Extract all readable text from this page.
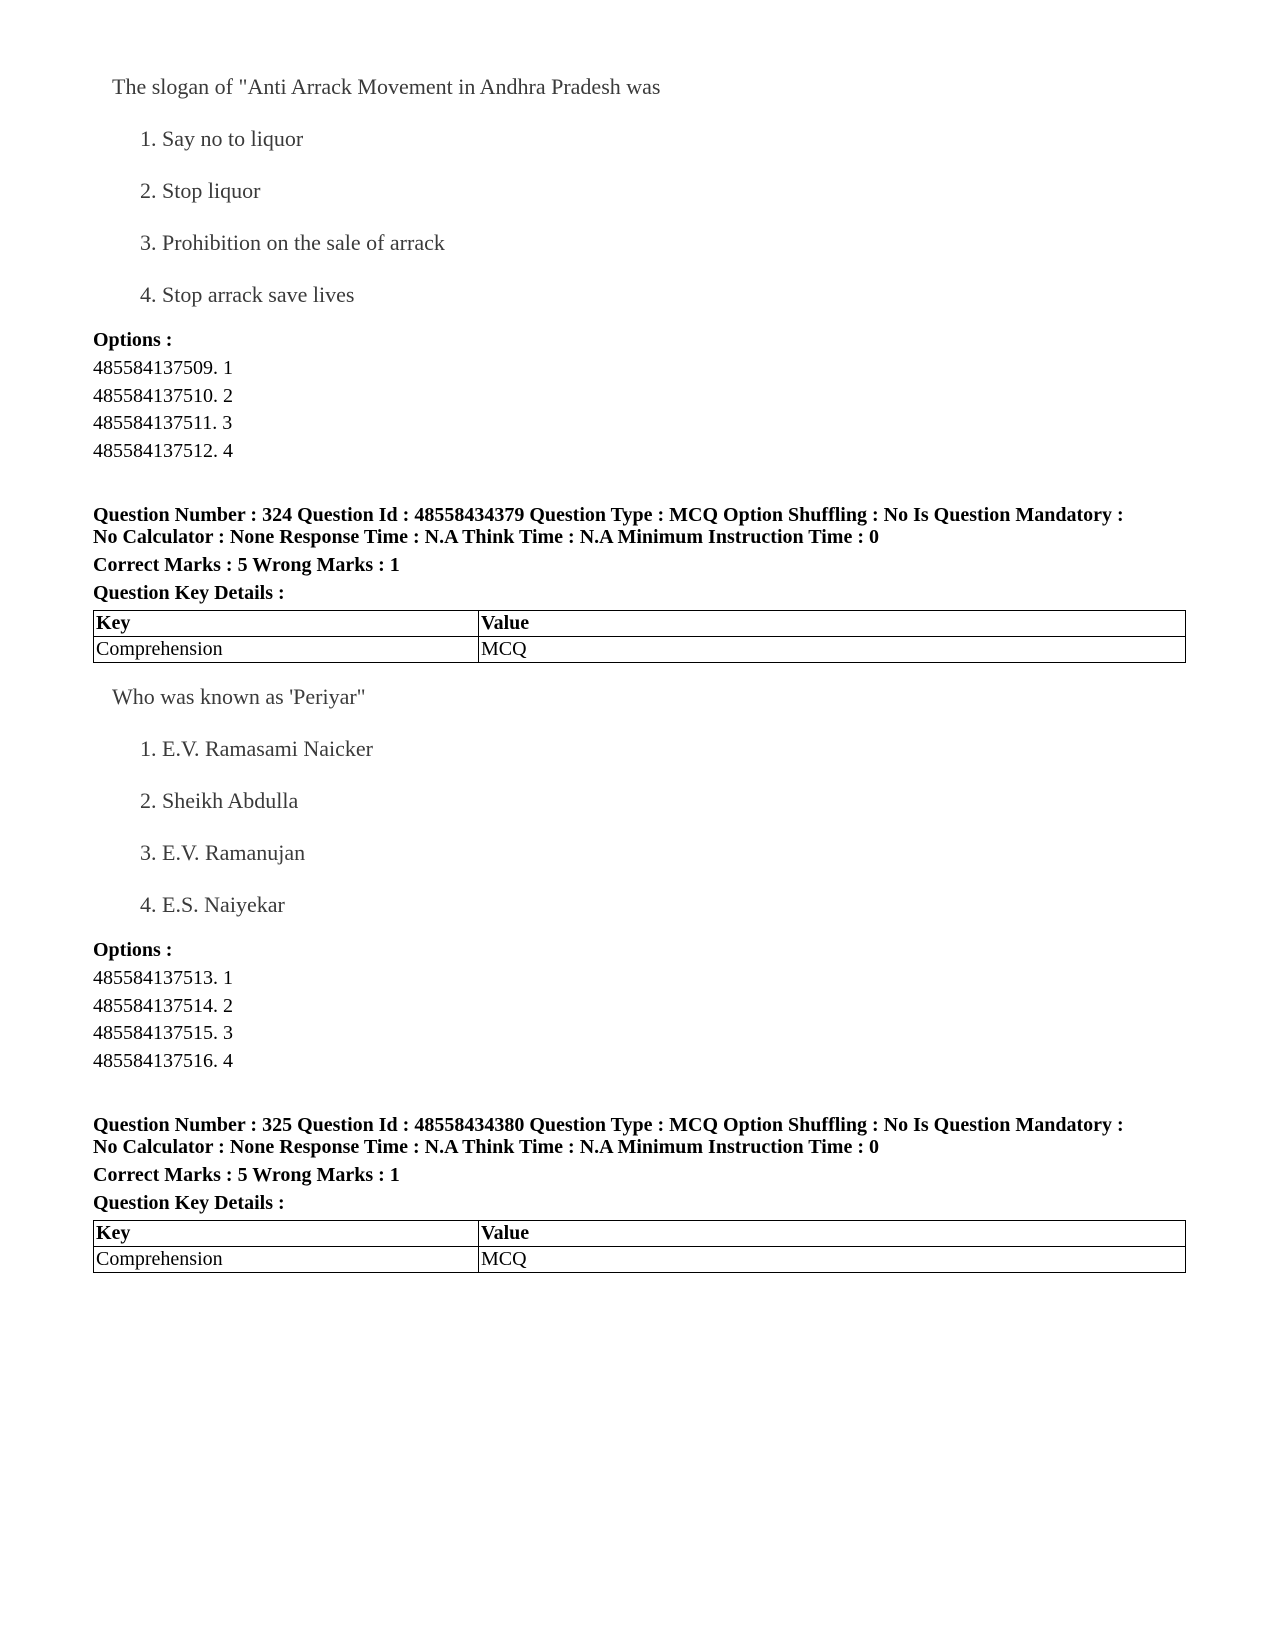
The slogan of "Anti Arrack Movement in Andhra Pradesh was
1. Say no to liquor
2. Stop liquor
3. Prohibition on the sale of arrack
4. Stop arrack save lives
Options :
485584137509. 1
485584137510. 2
485584137511. 3
485584137512. 4
Question Number : 324 Question Id : 48558434379 Question Type : MCQ Option Shuffling : No Is Question Mandatory :
No Calculator : None Response Time : N.A Think Time : N.A Minimum Instruction Time : 0
Correct Marks : 5 Wrong Marks : 1
Question Key Details :
Key	Value
Comprehension	MCQ
Who was known as 'Periyar"
1. E.V. Ramasami Naicker
2. Sheikh Abdulla
3. E.V. Ramanujan
4. E.S. Naiyekar
Options :
485584137513. 1
485584137514. 2
485584137515. 3
485584137516. 4
Question Number : 325 Question Id : 48558434380 Question Type : MCQ Option Shuffling : No Is Question Mandatory :
No Calculator : None Response Time : N.A Think Time : N.A Minimum Instruction Time : 0
Correct Marks : 5 Wrong Marks : 1
Question Key Details :
Key	Value
Comprehension	MCQ
